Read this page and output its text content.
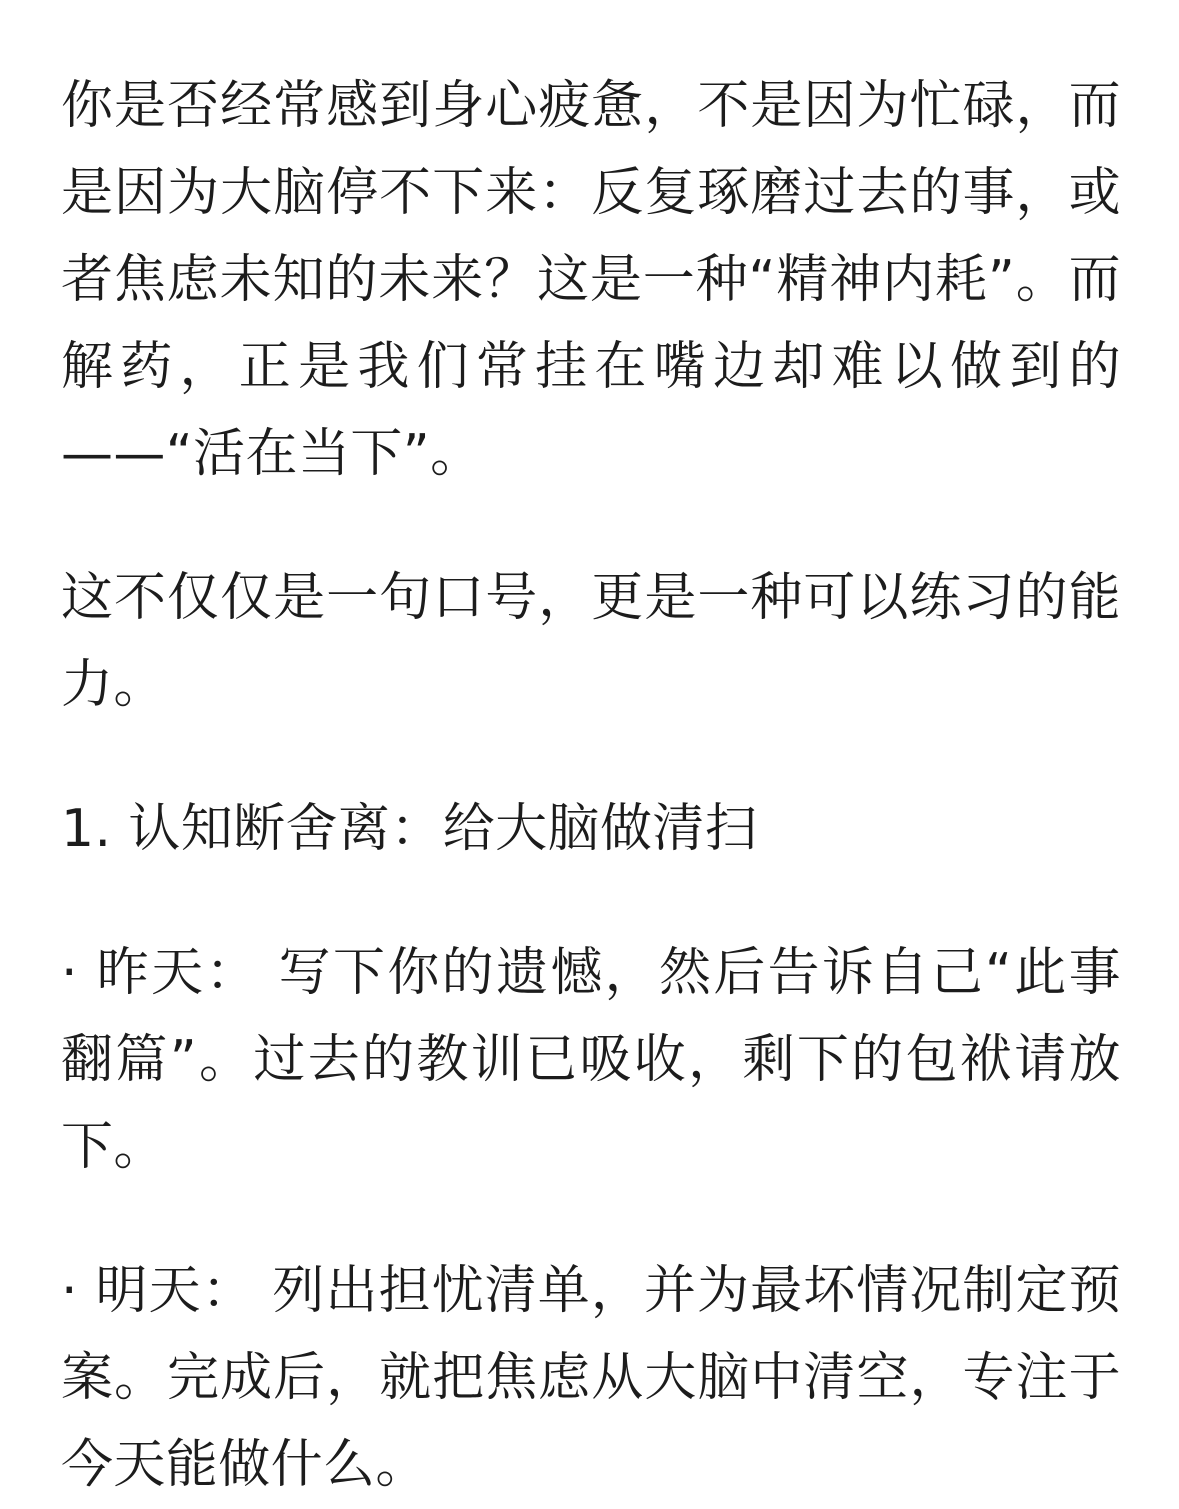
你是否经常感到身心疲惫，不是因为忙碌，而是因为大脑停不下来：反复琢磨过去的事，或者焦虑未知的未来？这是一种“精神内耗”。而解药，正是我们常挂在嘴边却难以做到的——“活在当下”。

这不仅仅是一句口号，更是一种可以练习的能力。

1. 认知断舍离：给大脑做清扫

· 昨天： 写下你的遗憾，然后告诉自己“此事翻篇”。过去的教训已吸收，剩下的包袱请放下。

· 明天： 列出担忧清单，并为最坏情况制定预案。完成后，就把焦虑从大脑中清空，专注于今天能做什么。
